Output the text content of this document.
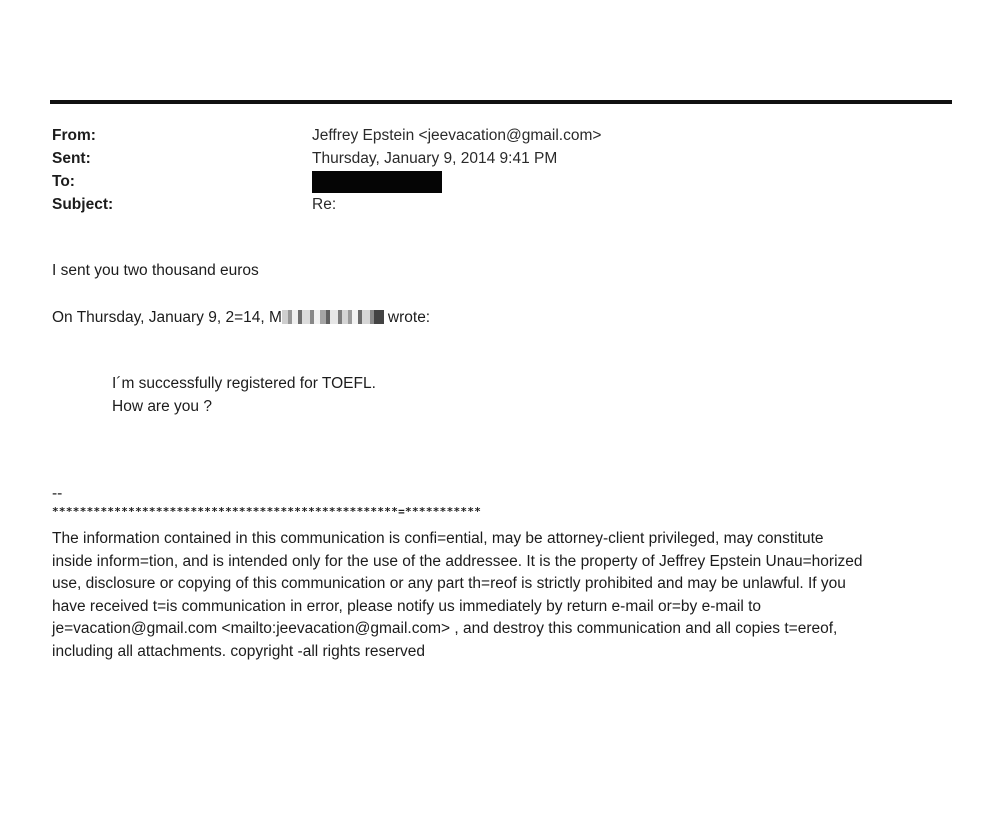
From:	Jeffrey Epstein <jeevacation@gmail.com>
Sent:	Thursday, January 9, 2014 9:41 PM
To:
Subject:	Re:
I sent you two thousand euros
On Thursday, January 9, 2=14, M	wrote:
I´m successfully registered for TOEFL.
How are you ?
--
**************************************************=***********
The information contained in this communication is confi=ential, may be attorney-client privileged, may constitute
inside inform=tion, and is intended only for the use of the addressee. It is the property of Jeffrey Epstein Unau=horized
use, disclosure or copying of this communication or any part th=reof is strictly prohibited and may be unlawful. If you
have received t=is communication in error, please notify us immediately by return e-mail or=by e-mail to
je=vacation@gmail.com <mailto:jeevacation@gmail.com> , and destroy this communication and all copies t=ereof,
including all attachments. copyright -all rights reserved
